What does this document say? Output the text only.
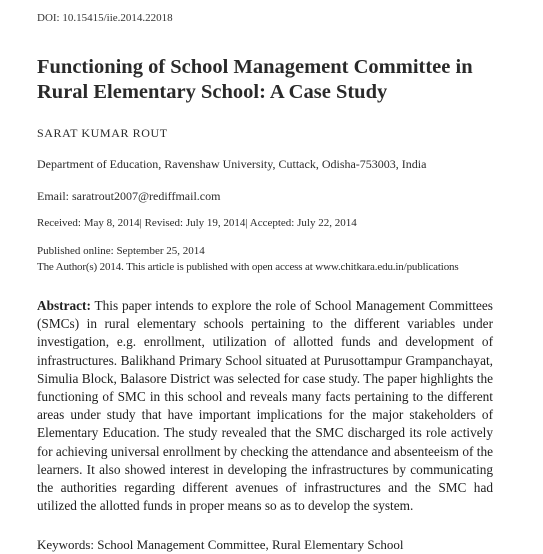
DOI: 10.15415/iie.2014.22018
Functioning of School Management Committee in Rural Elementary School: A Case Study
SARAT KUMAR ROUT
Department of Education, Ravenshaw University, Cuttack, Odisha-753003, India
Email: saratrout2007@rediffmail.com
Received: May 8, 2014| Revised: July 19, 2014| Accepted: July 22, 2014
Published online: September 25, 2014
The Author(s) 2014. This article is published with open access at www.chitkara.edu.in/publications

Abstract: This paper intends to explore the role of School Management Committees (SMCs) in rural elementary schools pertaining to the different variables under investigation, e.g. enrollment, utilization of allotted funds and development of infrastructures. Balikhand Primary School situated at Purusottampur Grampanchayat, Simulia Block, Balasore District was selected for case study. The paper highlights the functioning of SMC in this school and reveals many facts pertaining to the different areas under study that have important implications for the major stakeholders of Elementary Education. The study revealed that the SMC discharged its role actively for achieving universal enrollment by checking the attendance and absenteeism of the learners. It also showed interest in developing the infrastructures by communicating the authorities regarding different avenues of infrastructures and the SMC had utilized the allotted funds in proper means so as to develop the system.

Keywords: School Management Committee, Rural Elementary School
